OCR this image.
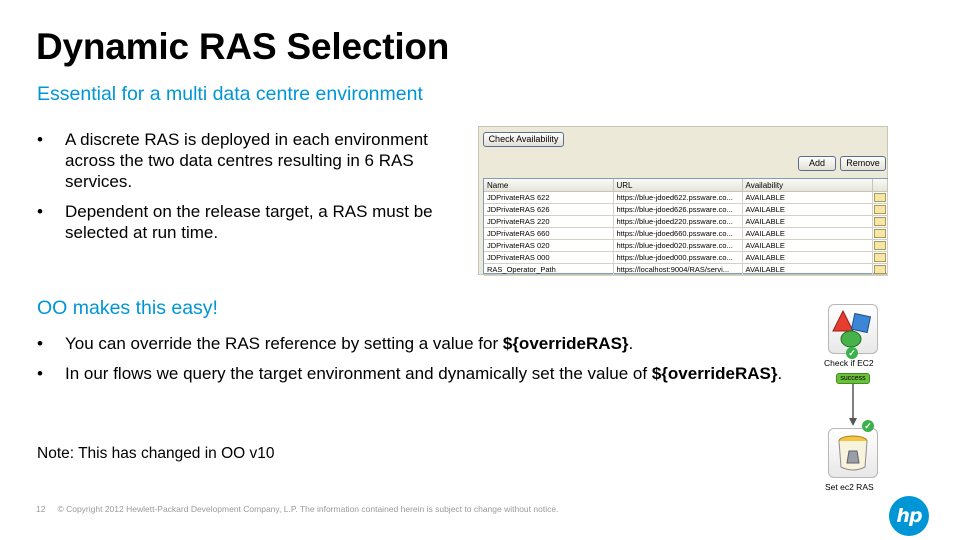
Dynamic RAS Selection
Essential for a multi data centre environment
• A discrete RAS is deployed in each environment across the two data centres resulting in 6 RAS services.
• Dependent on the release target, a RAS must be selected at run time.
OO makes this easy!
• You can override the RAS reference by setting a value for ${overrideRAS}.
• In our flows we query the target environment and dynamically set the value of ${overrideRAS}.
Note: This has changed in OO v10
12 © Copyright 2012 Hewlett-Packard Development Company, L.P. The information contained herein is subject to change without notice.
Check Availability
Add	Remove
Name	URL	Availability	
JDPrivateRAS 622	https://blue-jdoed622.pssware.co...	AVAILABLE	
JDPrivateRAS 626	https://blue-jdoed626.pssware.co...	AVAILABLE	
JDPrivateRAS 220	https://blue-jdoed220.pssware.co...	AVAILABLE	
JDPrivateRAS 660	https://blue-jdoed660.pssware.co...	AVAILABLE	
JDPrivateRAS 020	https://blue-jdoed020.pssware.co...	AVAILABLE	
JDPrivateRAS 000	https://blue-jdoed000.pssware.co...	AVAILABLE	
RAS_Operator_Path	https://localhost:9004/RAS/servi...	AVAILABLE	
✓
Check if EC2
success
✓
Set ec2 RAS
hp
